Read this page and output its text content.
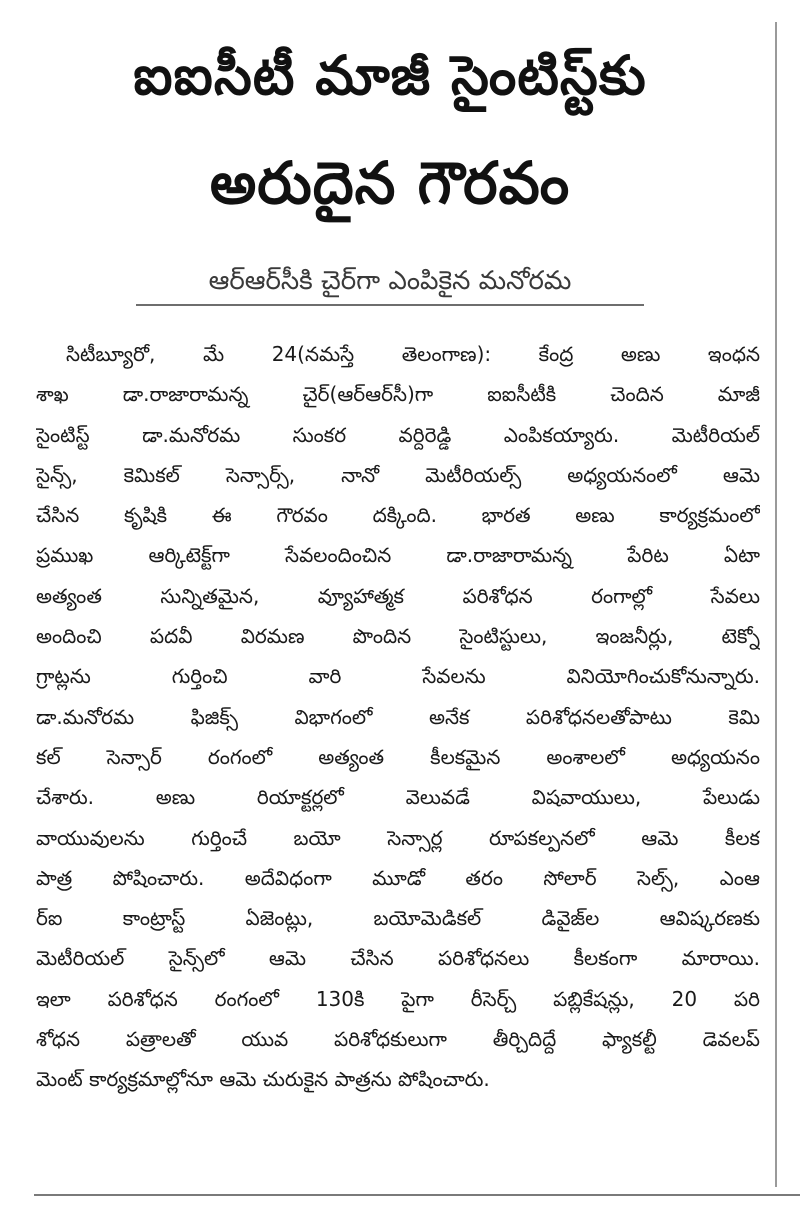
ఐఐసీటీ మాజీ సైంటిస్ట్‌కు
అరుదైన గౌరవం
ఆర్‌ఆర్‌సీకి చైర్‌గా ఎంపికైన మనోరమ
సిటీబ్యూరో, మే 24(నమస్తే తెలంగాణ): కేంద్ర అణు ఇంధన
శాఖ డా.రాజారామన్న చైర్‌(ఆర్‌ఆర్‌సీ)గా ఐఐసీటీకి చెందిన మాజీ
సైంటిస్ట్‌ డా.మనోరమ సుంకర వర్దిరెడ్డి ఎంపికయ్యారు. మెటీరియల్‌
సైన్స్‌, కెమికల్‌ సెన్సార్స్‌, నానో మెటీరియల్స్‌ అధ్యయనంలో ఆమె
చేసిన కృషికి ఈ గౌరవం దక్కింది. భారత అణు కార్యక్రమంలో
ప్రముఖ ఆర్కిటెక్ట్‌గా సేవలందించిన డా.రాజారామన్న పేరిట ఏటా
అత్యంత సున్నితమైన, వ్యూహాత్మక పరిశోధన రంగాల్లో సేవలు
అందించి పదవీ విరమణ పొందిన సైంటిస్టులు, ఇంజనీర్లు, టెక్నో
గ్రాట్లను గుర్తించి వారి సేవలను వినియోగించుకోనున్నారు.
డా.మనోరమ ఫిజిక్స్‌ విభాగంలో అనేక పరిశోధనలతోపాటు కెమి
కల్‌ సెన్సార్‌ రంగంలో అత్యంత కీలకమైన అంశాలలో అధ్యయనం
చేశారు. అణు రియాక్టర్లలో వెలువడే విషవాయులు, పేలుడు
వాయువులను గుర్తించే బయో సెన్సార్ల రూపకల్పనలో ఆమె కీలక
పాత్ర పోషించారు. అదేవిధంగా మూడో తరం సోలార్‌ సెల్స్‌, ఎంఆ
ర్‌ఐ కాంట్రాస్ట్‌ ఏజెంట్లు, బయోమెడికల్‌ డివైజ్‌ల ఆవిష్కరణకు
మెటీరియల్‌ సైన్స్‌లో ఆమె చేసిన పరిశోధనలు కీలకంగా మారాయి.
ఇలా పరిశోధన రంగంలో 130కి పైగా రీసెర్చ్‌ పబ్లికేషన్లు, 20 పరి
శోధన పత్రాలతో యువ పరిశోధకులుగా తీర్చిదిద్దే ఫ్యాకల్టీ డెవలప్‌
మెంట్‌ కార్యక్రమాల్లోనూ ఆమె చురుకైన పాత్రను పోషించారు.
